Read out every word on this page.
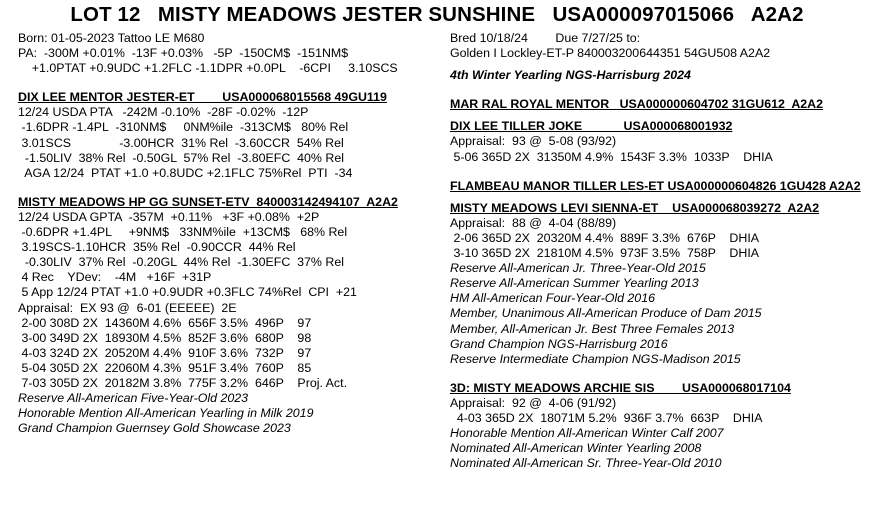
LOT 12   MISTY MEADOWS JESTER SUNSHINE   USA000097015066   A2A2
Born: 01-05-2023 Tattoo LE M680
PA:  -300M +0.01%  -13F +0.03%   -5P  -150CM$  -151NM$
+1.0PTAT +0.9UDC +1.2FLC -1.1DPR +0.0PL    -6CPI     3.10SCS
DIX LEE MENTOR JESTER-ET        USA000068015568 49GU119
12/24 USDA PTA   -242M -0.10%  -28F -0.02%  -12P
-1.6DPR -1.4PL  -310NM$     0NM%ile  -313CM$   80% Rel
3.01SCS              -3.00HCR  31% Rel  -3.60CCR  54% Rel
-1.50LIV  38% Rel  -0.50GL  57% Rel  -3.80EFC  40% Rel
AGA 12/24  PTAT +1.0 +0.8UDC +2.1FLC 75%Rel  PTI  -34
MISTY MEADOWS HP GG SUNSET-ETV  840003142494107  A2A2
12/24 USDA GPTA  -357M  +0.11%   +3F +0.08%  +2P
-0.6DPR +1.4PL     +9NM$   33NM%ile  +13CM$   68% Rel
3.19SCS-1.10HCR  35% Rel  -0.90CCR  44% Rel
-0.30LIV  37% Rel  -0.20GL  44% Rel  -1.30EFC  37% Rel
4 Rec    YDev:    -4M   +16F  +31P
5 App 12/24 PTAT +1.0 +0.9UDR +0.3FLC 74%Rel  CPI  +21
Appraisal:  EX 93 @  6-01 (EEEEE)  2E
2-00 308D 2X  14360M 4.6%  656F 3.5%  496P    97
3-00 349D 2X  18930M 4.5%  852F 3.6%  680P    98
4-03 324D 2X  20520M 4.4%  910F 3.6%  732P    97
5-04 305D 2X  22060M 4.3%  951F 3.4%  760P    85
7-03 305D 2X  20182M 3.8%  775F 3.2%  646P    Proj. Act.
Reserve All-American Five-Year-Old 2023
Honorable Mention All-American Yearling in Milk 2019
Grand Champion Guernsey Gold Showcase 2023
Bred 10/18/24        Due 7/27/25 to:
Golden I Lockley-ET-P 840003200644351 54GU508 A2A2
4th Winter Yearling NGS-Harrisburg 2024
MAR RAL ROYAL MENTOR   USA000000604702 31GU612  A2A2
DIX LEE TILLER JOKE            USA000068001932
Appraisal:  93 @  5-08 (93/92)
5-06 365D 2X  31350M 4.9%  1543F 3.3%  1033P    DHIA
FLAMBEAU MANOR TILLER LES-ET USA000000604826 1GU428 A2A2
MISTY MEADOWS LEVI SIENNA-ET    USA000068039272  A2A2
Appraisal:  88 @  4-04 (88/89)
2-06 365D 2X  20320M 4.4%  889F 3.3%  676P    DHIA
3-10 365D 2X  21810M 4.5%  973F 3.5%  758P    DHIA
Reserve All-American Jr. Three-Year-Old 2015
Reserve All-American Summer Yearling 2013
HM All-American Four-Year-Old 2016
Member, Unanimous All-American Produce of Dam 2015
Member, All-American Jr. Best Three Females 2013
Grand Champion NGS-Harrisburg 2016
Reserve Intermediate Champion NGS-Madison 2015
3D: MISTY MEADOWS ARCHIE SIS        USA000068017104
Appraisal:  92 @  4-06 (91/92)
4-03 365D 2X  18071M 5.2%  936F 3.7%  663P    DHIA
Honorable Mention All-American Winter Calf 2007
Nominated All-American Winter Yearling 2008
Nominated All-American Sr. Three-Year-Old 2010
